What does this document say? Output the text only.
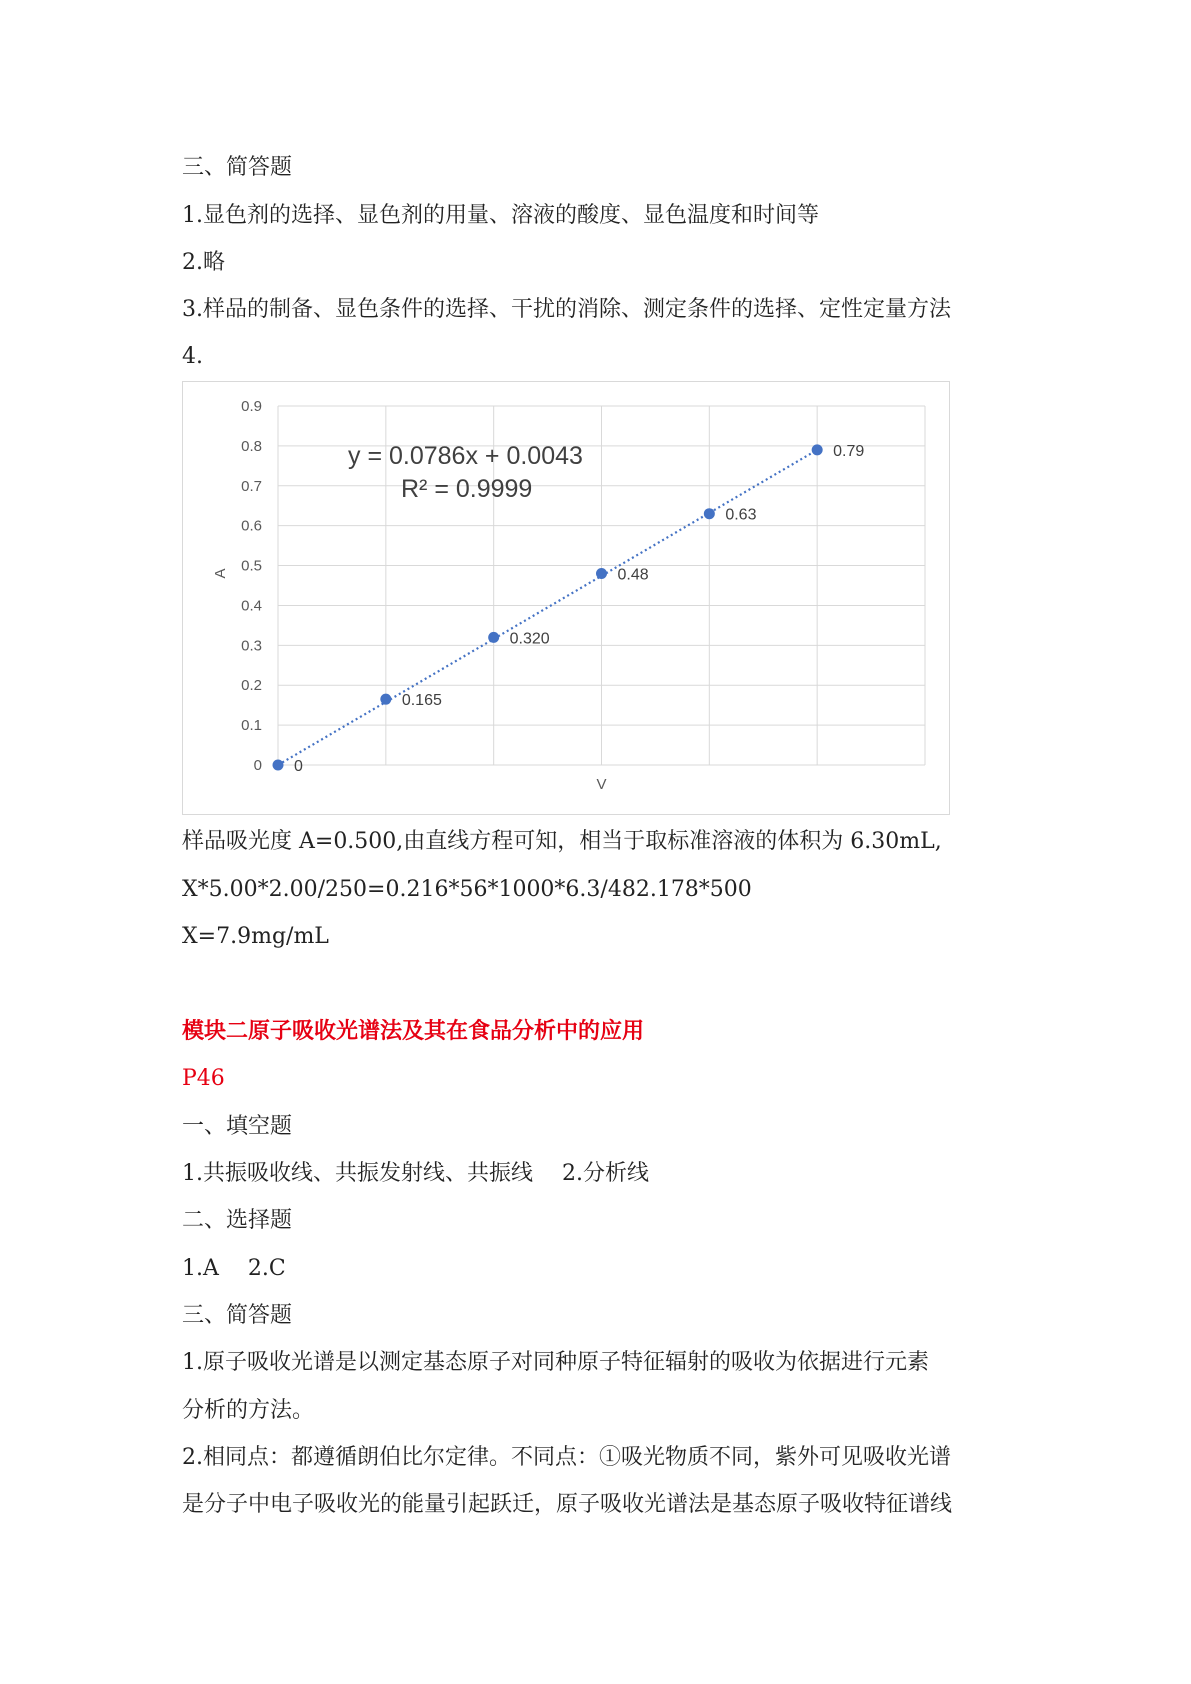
三、简答题
1.显色剂的选择、显色剂的用量、溶液的酸度、显色温度和时间等
2.略
3.样品的制备、显色条件的选择、干扰的消除、测定条件的选择、定性定量方法
4.
0
0.1
0.2
0.3
0.4
0.5
0.6
0.7
0.8
0.9
A
V
0
0.165
0.320
0.48
0.63
0.79
y = 0.0786x + 0.0043
R² = 0.9999
样品吸光度 A=0.500,由直线方程可知，相当于取标准溶液的体积为 6.30mL,
X*5.00*2.00/250=0.216*56*1000*6.3/482.178*500
X=7.9mg/mL
模块二原子吸收光谱法及其在食品分析中的应用
P46
一、填空题
1.共振吸收线、共振发射线、共振线　 2.分析线
二、选择题
1.A　 2.C
三、简答题
1.原子吸收光谱是以测定基态原子对同种原子特征辐射的吸收为依据进行元素
分析的方法。
2.相同点：都遵循朗伯比尔定律。不同点：①吸光物质不同，紫外可见吸收光谱
是分子中电子吸收光的能量引起跃迁，原子吸收光谱法是基态原子吸收特征谱线
